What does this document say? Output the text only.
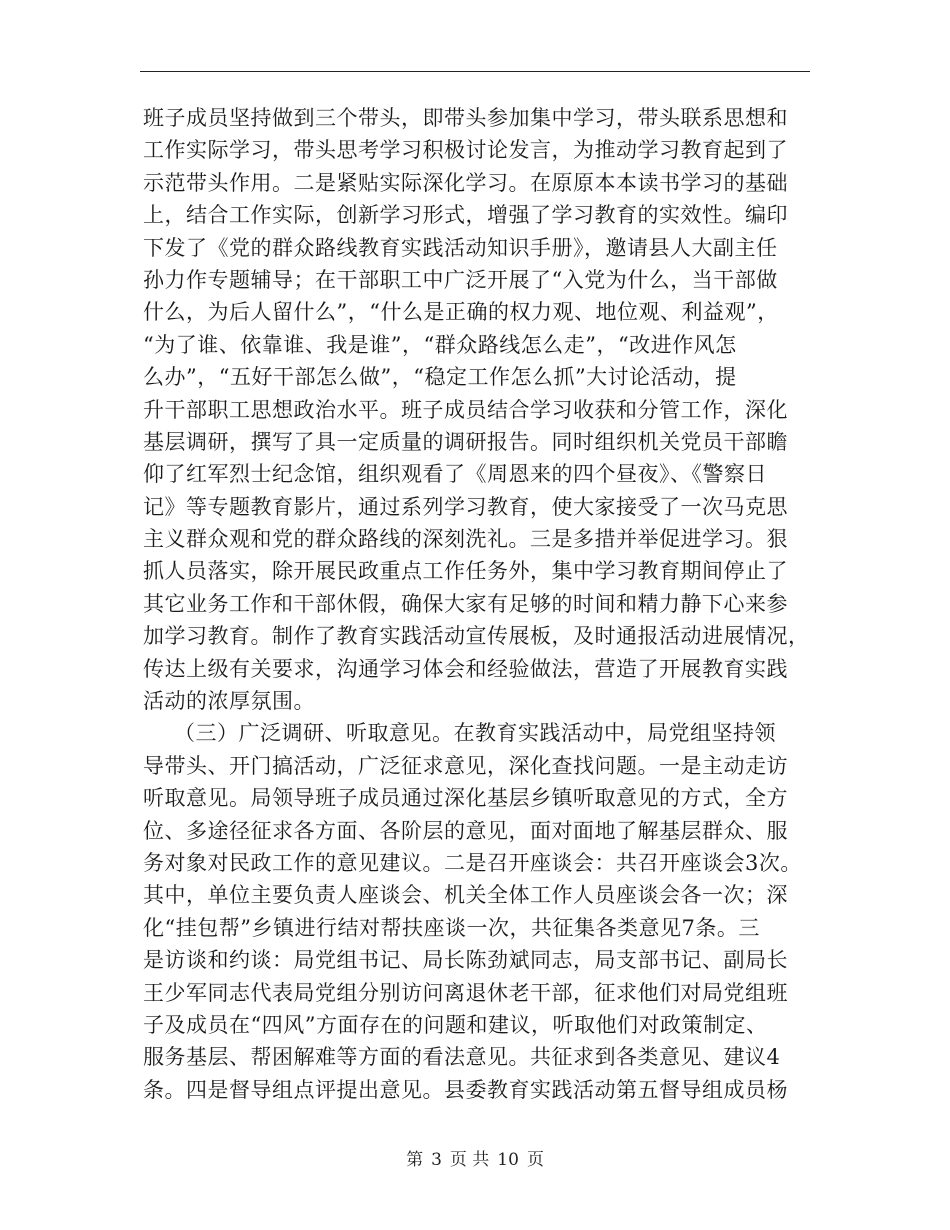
班子成员坚持做到三个带头，即带头参加集中学习，带头联系思想和
工作实际学习，带头思考学习积极讨论发言，为推动学习教育起到了
示范带头作用。二是紧贴实际深化学习。在原原本本读书学习的基础
上，结合工作实际，创新学习形式，增强了学习教育的实效性。编印
下发了《党的群众路线教育实践活动知识手册》，邀请县人大副主任
孙力作专题辅导；在干部职工中广泛开展了“入党为什么，当干部做
什么，为后人留什么”，“什么是正确的权力观、地位观、利益观”，
“为了谁、依靠谁、我是谁”，“群众路线怎么走”，“改进作风怎
么办”，“五好干部怎么做”，“稳定工作怎么抓”大讨论活动，提
升干部职工思想政治水平。班子成员结合学习收获和分管工作，深化
基层调研，撰写了具一定质量的调研报告。同时组织机关党员干部瞻
仰了红军烈士纪念馆，组织观看了《周恩来的四个昼夜》、《警察日
记》等专题教育影片，通过系列学习教育，使大家接受了一次马克思
主义群众观和党的群众路线的深刻洗礼。三是多措并举促进学习。狠
抓人员落实，除开展民政重点工作任务外，集中学习教育期间停止了
其它业务工作和干部休假，确保大家有足够的时间和精力静下心来参
加学习教育。制作了教育实践活动宣传展板，及时通报活动进展情况，
传达上级有关要求，沟通学习体会和经验做法，营造了开展教育实践
活动的浓厚氛围。
（三）广泛调研、听取意见。在教育实践活动中，局党组坚持领
导带头、开门搞活动，广泛征求意见，深化查找问题。一是主动走访
听取意见。局领导班子成员通过深化基层乡镇听取意见的方式，全方
位、多途径征求各方面、各阶层的意见，面对面地了解基层群众、服
务对象对民政工作的意见建议。二是召开座谈会：共召开座谈会3次。
其中，单位主要负责人座谈会、机关全体工作人员座谈会各一次；深
化“挂包帮”乡镇进行结对帮扶座谈一次，共征集各类意见7条。三
是访谈和约谈：局党组书记、局长陈劲斌同志，局支部书记、副局长
王少军同志代表局党组分别访问离退休老干部，征求他们对局党组班
子及成员在“四风”方面存在的问题和建议，听取他们对政策制定、
服务基层、帮困解难等方面的看法意见。共征求到各类意见、建议4
条。四是督导组点评提出意见。县委教育实践活动第五督导组成员杨
第 3 页 共 10 页
